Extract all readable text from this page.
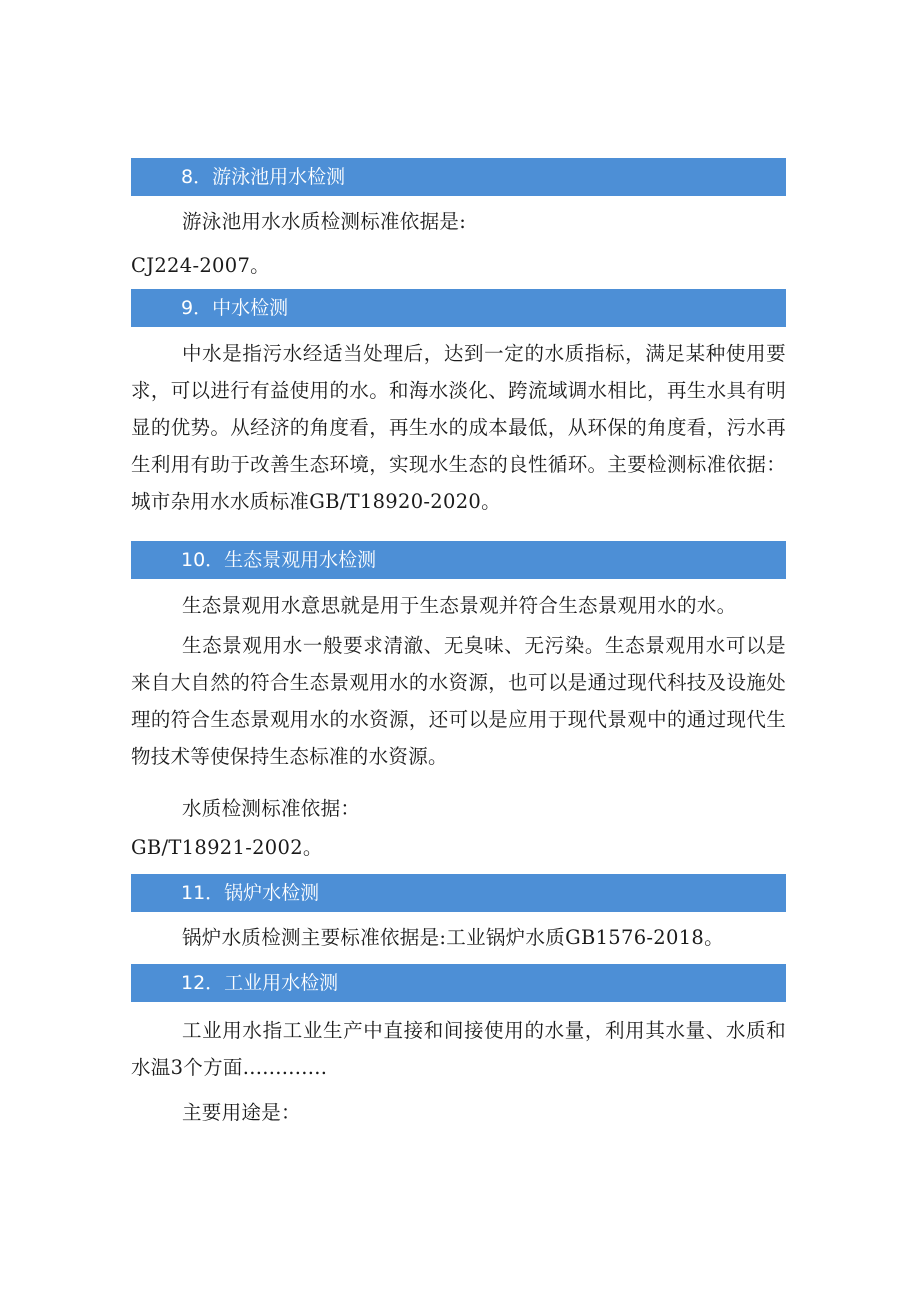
8．游泳池用水检测

游泳池用水水质检测标准依据是:

CJ224-2007。

9．中水检测

中水是指污水经适当处理后，达到一定的水质指标，满足某种使用要求，可以进行有益使用的水。和海水淡化、跨流域调水相比，再生水具有明显的优势。从经济的角度看，再生水的成本最低，从环保的角度看，污水再生利用有助于改善生态环境，实现水生态的良性循环。主要检测标准依据：城市杂用水水质标准GB/T18920-2020。

10．生态景观用水检测

生态景观用水意思就是用于生态景观并符合生态景观用水的水。

生态景观用水一般要求清澈、无臭味、无污染。生态景观用水可以是来自大自然的符合生态景观用水的水资源，也可以是通过现代科技及设施处理的符合生态景观用水的水资源，还可以是应用于现代景观中的通过现代生物技术等使保持生态标准的水资源。

水质检测标准依据：

GB/T18921-2002。

11．锅炉水检测

锅炉水质检测主要标准依据是:工业锅炉水质GB1576-2018。

12．工业用水检测

工业用水指工业生产中直接和间接使用的水量，利用其水量、水质和水温3个方面.............

主要用途是：
